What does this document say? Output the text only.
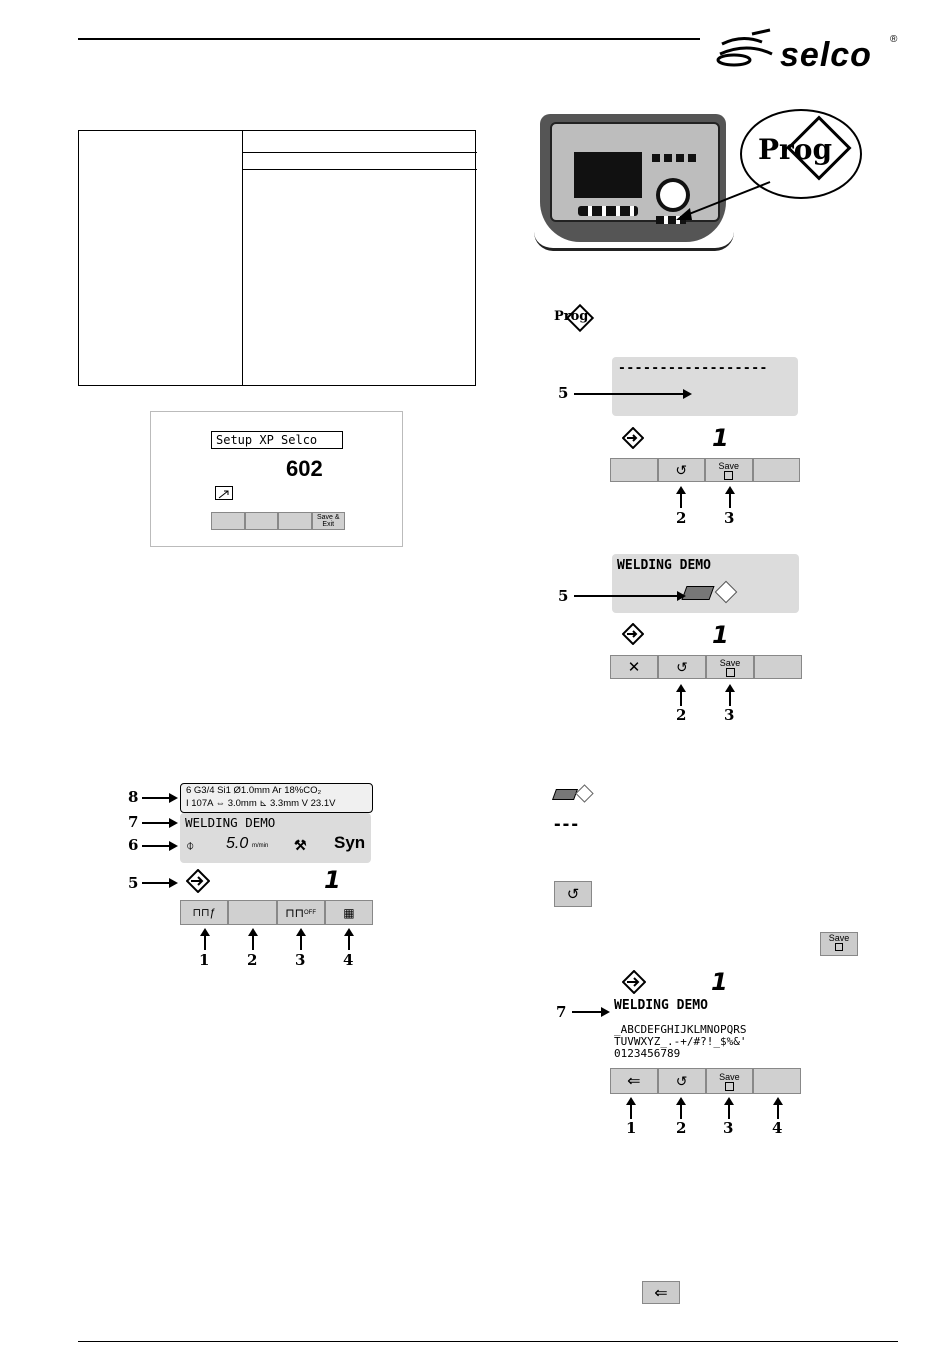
selco ®
Setup XP Selco
602
Save & Exit
Prog
Prog
------------------
5
1
↺	Save
2	3
WELDING DEMO
5
1
✕	↺	Save
2	3
6 G3/4 Si1 Ø1.0mm Ar 18%CO₂
I 107A ⇔ 3.0mm ⊾ 3.3mm V 23.1V
WELDING DEMO
⌽ 5.0 m/min ⚒ Syn
1
⊓⊓ƒ	⊓⊓ OFF ▦
8
7
6
5
1	2	3	4
---
↺
Save
1
7	WELDING DEMO
_ABCDEFGHIJKLMNOPQRS
TUVWXYZ_.-+/#?!_$%&'
0123456789
⇐	↺	Save
1	2 3	4
⇐
